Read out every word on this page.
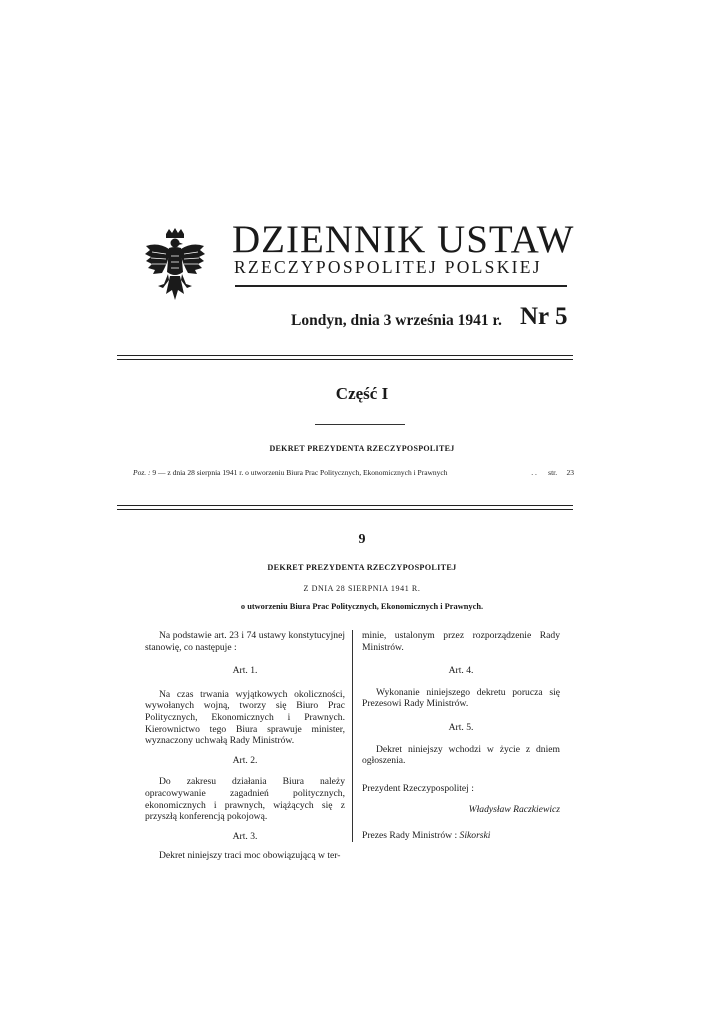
DZIENNIK USTAW
RZECZYPOSPOLITEJ POLSKIEJ
Londyn, dnia 3 września 1941 r. Nr 5
Część I
DEKRET PREZYDENTA RZECZYPOSPOLITEJ
Poz. : 9 — z dnia 28 sierpnia 1941 r. o utworzeniu Biura Prac Politycznych, Ekonomicznych i Prawnych	. . str. 23
9
DEKRET PREZYDENTA RZECZYPOSPOLITEJ
Z DNIA 28 SIERPNIA 1941 R.
o utworzeniu Biura Prac Politycznych, Ekonomicznych i Prawnych.

Na podstawie art. 23 i 74 ustawy konstytucyjnej stanowię, co następuje :

Art. 1.

Na czas trwania wyjątkowych okoliczności, wywołanych wojną, tworzy się Biuro Prac Politycznych, Ekonomicznych i Prawnych. Kierownictwo tego Biura sprawuje minister, wyznaczony uchwałą Rady Ministrów.

Art. 2.

Do zakresu działania Biura należy opracowywanie zagadnień politycznych, ekonomicznych i prawnych, wiążących się z przyszłą konferencją pokojową.

Art. 3.

Dekret niniejszy traci moc obowiązującą w ter-

minie, ustalonym przez rozporządzenie Rady Ministrów.

Art. 4.

Wykonanie niniejszego dekretu porucza się Prezesowi Rady Ministrów.

Art. 5.

Dekret niniejszy wchodzi w życie z dniem ogłoszenia.

Prezydent Rzeczypospolitej :

Władysław Raczkiewicz

Prezes Rady Ministrów : Sikorski
